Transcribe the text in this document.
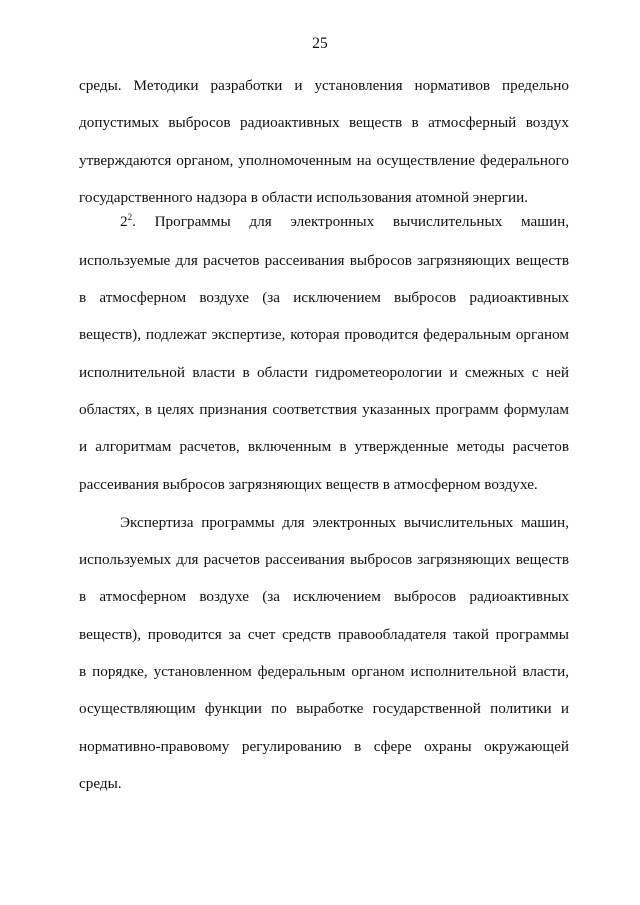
25
среды. Методики разработки и установления нормативов предельно
допустимых выбросов радиоактивных веществ в атмосферный воздух
утверждаются органом, уполномоченным на осуществление федерального
государственного надзора в области использования атомной энергии.
$2^2$. Программы для электронных вычислительных машин,
используемые для расчетов рассеивания выбросов загрязняющих веществ
в атмосферном воздухе (за исключением выбросов радиоактивных
веществ), подлежат экспертизе, которая проводится федеральным органом
исполнительной власти в области гидрометеорологии и смежных с ней
областях, в целях признания соответствия указанных программ формулам
и алгоритмам расчетов, включенным в утвержденные методы расчетов
рассеивания выбросов загрязняющих веществ в атмосферном воздухе.
Экспертиза программы для электронных вычислительных машин,
используемых для расчетов рассеивания выбросов загрязняющих веществ
в атмосферном воздухе (за исключением выбросов радиоактивных
веществ), проводится за счет средств правообладателя такой программы
в порядке, установленном федеральным органом исполнительной власти,
осуществляющим функции по выработке государственной политики и
нормативно-правовому регулированию в сфере охраны окружающей
среды.
